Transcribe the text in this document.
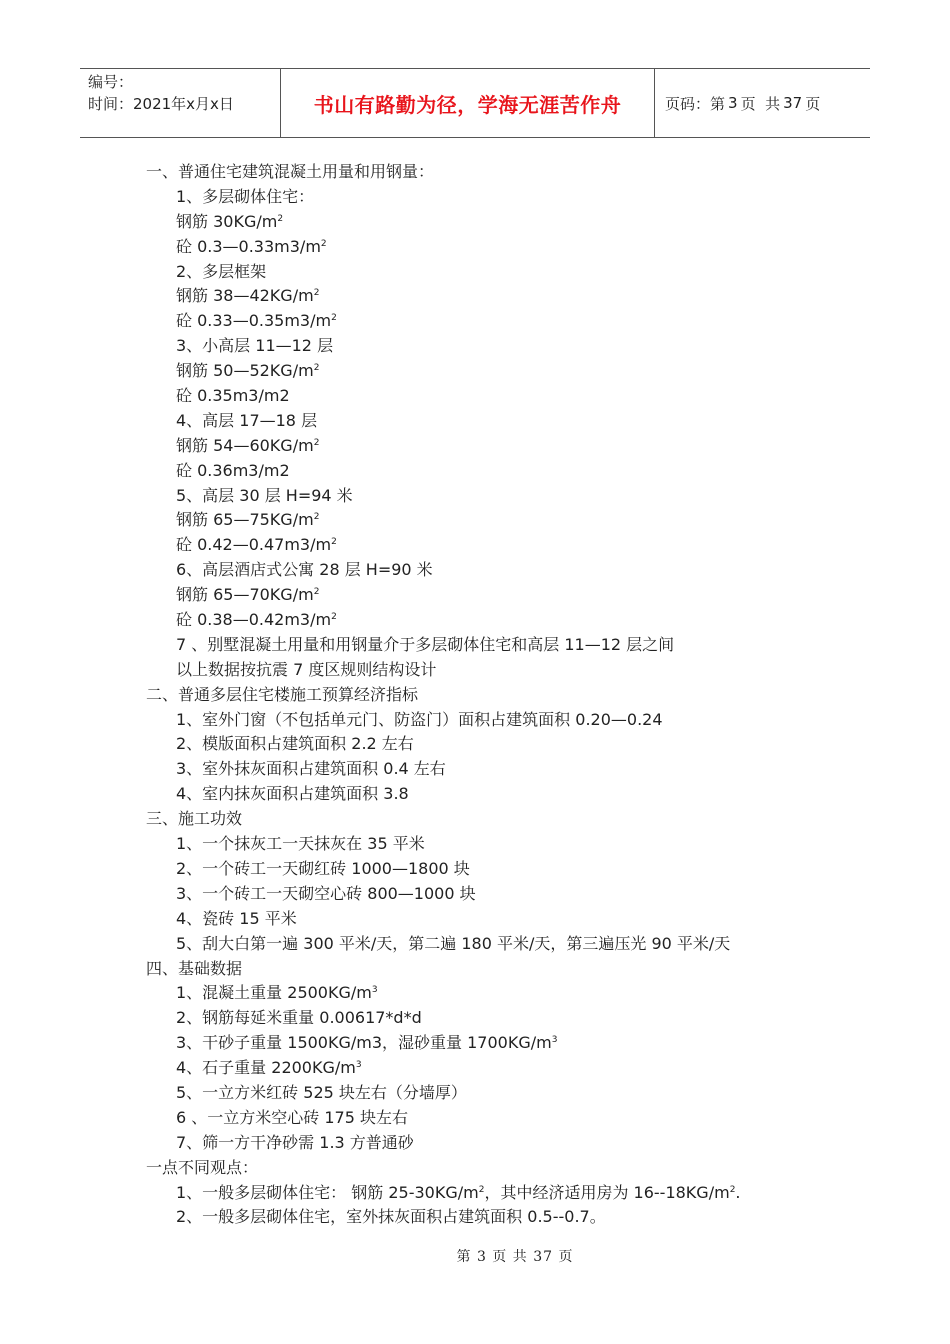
编号：
时间：2021年x月x日	书山有路勤为径，学海无涯苦作舟	页码：第 3 页  共 37 页
一、普通住宅建筑混凝土用量和用钢量：
1、多层砌体住宅：
钢筋 $30KG/m^2$
砼 $0.3—0.33m3/m^2$
2、多层框架
钢筋 $38—42KG/m^2$
砼 $0.33—0.35m3/m^2$
3、小高层 11—12 层
钢筋 $50—52KG/m^2$
砼 0.35m3/m2
4、高层 17—18 层
钢筋 $54—60KG/m^2$
砼 0.36m3/m2
5、高层 30 层 H=94 米
钢筋 $65—75KG/m^2$
砼 $0.42—0.47m3/m^2$
6、高层酒店式公寓 28 层 H=90 米
钢筋 $65—70KG/m^2$
砼 $0.38—0.42m3/m^2$
7 、别墅混凝土用量和用钢量介于多层砌体住宅和高层 11—12 层之间
以上数据按抗震 7 度区规则结构设计
二、普通多层住宅楼施工预算经济指标
1、室外门窗（不包括单元门、防盗门）面积占建筑面积 0.20—0.24
2、模版面积占建筑面积 2.2 左右
3、室外抹灰面积占建筑面积 0.4 左右
4、室内抹灰面积占建筑面积 3.8
三、施工功效
1、一个抹灰工一天抹灰在 35 平米
2、一个砖工一天砌红砖 1000—1800 块
3、一个砖工一天砌空心砖 800—1000 块
4、瓷砖 15 平米
5、刮大白第一遍 300 平米/天，第二遍 180 平米/天，第三遍压光 90 平米/天
四、基础数据
1、混凝土重量 $2500KG/m^3$
2、钢筋每延米重量 0.00617*d*d
3、干砂子重量 1500KG/m3，湿砂重量 $1700KG/m^3$
4、石子重量 $2200KG/m^3$
5、一立方米红砖 525 块左右（分墙厚）
6 、一立方米空心砖 175 块左右
7、筛一方干净砂需 1.3 方普通砂
一点不同观点：
1、一般多层砌体住宅： 钢筋 $25-30KG/m^2$，其中经济适用房为 $16--18KG/m^2$.
2、一般多层砌体住宅，室外抹灰面积占建筑面积 0.5--0.7。
第 3 页 共 37 页
